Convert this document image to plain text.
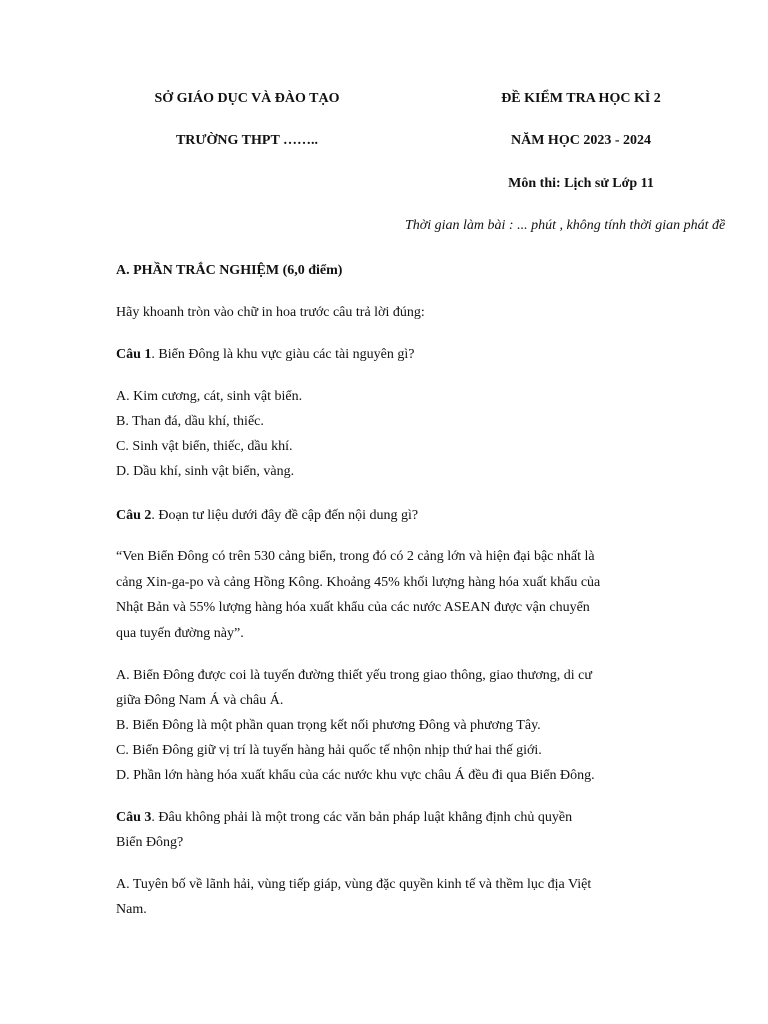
SỞ GIÁO DỤC VÀ ĐÀO TẠO
TRƯỜNG THPT ……..
ĐỀ KIỂM TRA HỌC KÌ 2
NĂM HỌC 2023 - 2024
Môn thi: Lịch sử Lớp 11
Thời gian làm bài : ... phút , không tính thời gian phát đề
A. PHẦN TRẮC NGHIỆM (6,0 điểm)
Hãy khoanh tròn vào chữ in hoa trước câu trả lời đúng:
Câu 1. Biển Đông là khu vực giàu các tài nguyên gì?
A. Kim cương, cát, sinh vật biển.
B. Than đá, dầu khí, thiếc.
C. Sinh vật biển, thiếc, dầu khí.
D. Dầu khí, sinh vật biển, vàng.
Câu 2. Đoạn tư liệu dưới đây đề cập đến nội dung gì?
“Ven Biển Đông có trên 530 cảng biển, trong đó có 2 cảng lớn và hiện đại bậc nhất là
cảng Xin-ga-po và cảng Hồng Kông. Khoảng 45% khối lượng hàng hóa xuất khẩu của
Nhật Bản và 55% lượng hàng hóa xuất khẩu của các nước ASEAN được vận chuyển
qua tuyến đường này”.
A. Biển Đông được coi là tuyến đường thiết yếu trong giao thông, giao thương, di cư
giữa Đông Nam Á và châu Á.
B. Biển Đông là một phần quan trọng kết nối phương Đông và phương Tây.
C. Biển Đông giữ vị trí là tuyến hàng hải quốc tế nhộn nhịp thứ hai thế giới.
D. Phần lớn hàng hóa xuất khẩu của các nước khu vực châu Á đều đi qua Biển Đông.
Câu 3. Đâu không phải là một trong các văn bản pháp luật khẳng định chủ quyền
Biển Đông?
A. Tuyên bố về lãnh hải, vùng tiếp giáp, vùng đặc quyền kinh tế và thềm lục địa Việt
Nam.
